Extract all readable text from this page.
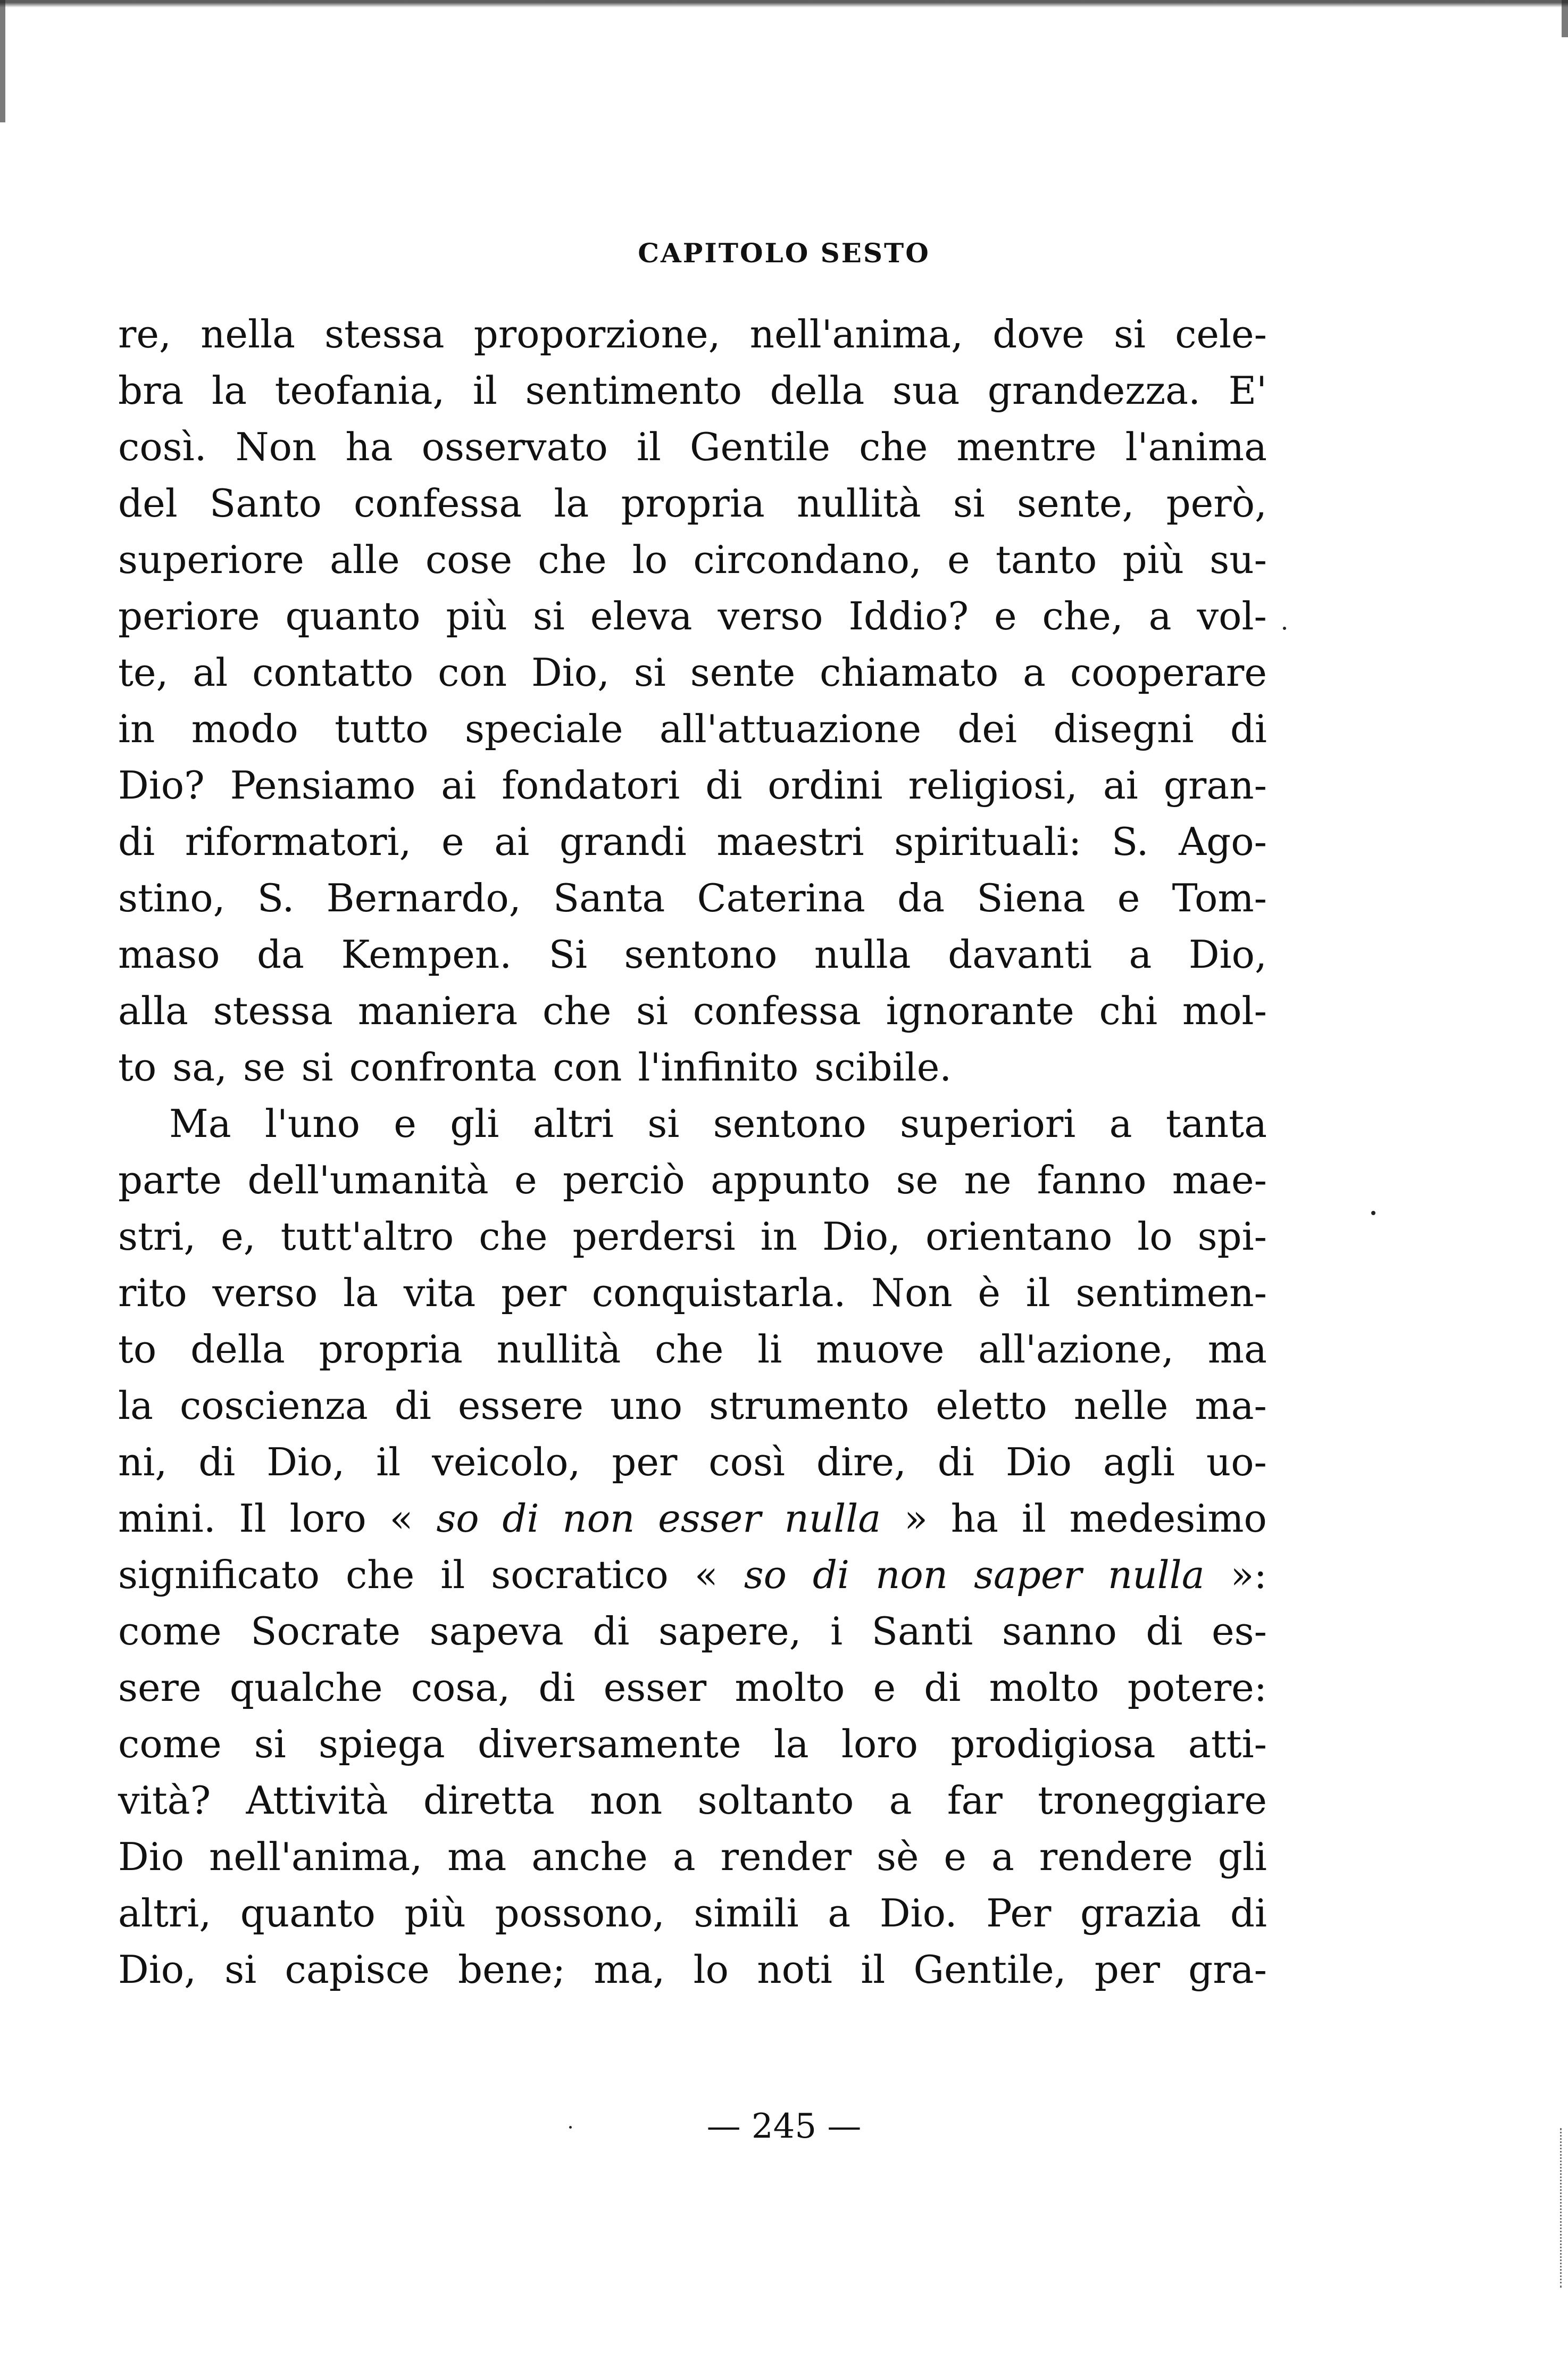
CAPITOLO SESTO
re, nella stessa proporzione, nell'anima, dove si cele-
bra la teofania, il sentimento della sua grandezza. E'
così. Non ha osservato il Gentile che mentre l'anima
del Santo confessa la propria nullità si sente, però,
superiore alle cose che lo circondano, e tanto più su-
periore quanto più si eleva verso Iddio? e che, a vol-
te, al contatto con Dio, si sente chiamato a cooperare
in modo tutto speciale all'attuazione dei disegni di
Dio? Pensiamo ai fondatori di ordini religiosi, ai gran-
di riformatori, e ai grandi maestri spirituali: S. Ago-
stino, S. Bernardo, Santa Caterina da Siena e Tom-
maso da Kempen. Si sentono nulla davanti a Dio,
alla stessa maniera che si confessa ignorante chi mol-
to sa, se si confronta con l'infinito scibile.
Ma l'uno e gli altri si sentono superiori a tanta
parte dell'umanità e perciò appunto se ne fanno mae-
stri, e, tutt'altro che perdersi in Dio, orientano lo spi-
rito verso la vita per conquistarla. Non è il sentimen-
to della propria nullità che li muove all'azione, ma
la coscienza di essere uno strumento eletto nelle ma-
ni, di Dio, il veicolo, per così dire, di Dio agli uo-
mini. Il loro « so di non esser nulla » ha il medesimo
significato che il socratico « so di non saper nulla »:
come Socrate sapeva di sapere, i Santi sanno di es-
sere qualche cosa, di esser molto e di molto potere:
come si spiega diversamente la loro prodigiosa atti-
vità? Attività diretta non soltanto a far troneggiare
Dio nell'anima, ma anche a render sè e a rendere gli
altri, quanto più possono, simili a Dio. Per grazia di
Dio, si capisce bene; ma, lo noti il Gentile, per gra-
— 245 —
